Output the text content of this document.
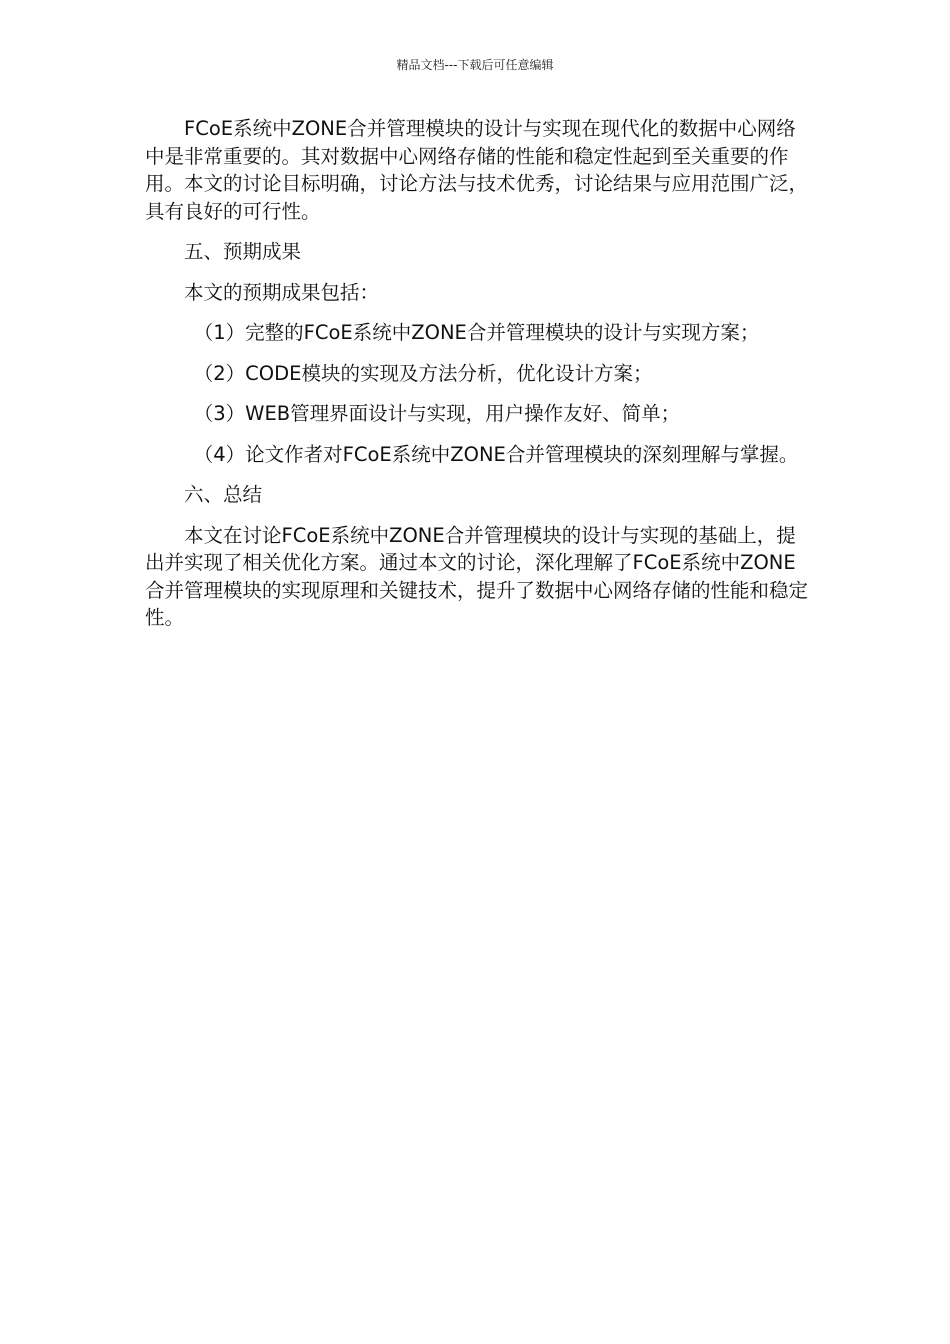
精品文档---下载后可任意编辑

FCoE系统中ZONE合并管理模块的设计与实现在现代化的数据中心网络中是非常重要的。其对数据中心网络存储的性能和稳定性起到至关重要的作用。本文的讨论目标明确，讨论方法与技术优秀，讨论结果与应用范围广泛，具有良好的可行性。

五、预期成果

本文的预期成果包括：

（1）完整的FCoE系统中ZONE合并管理模块的设计与实现方案；

（2）CODE模块的实现及方法分析，优化设计方案；

（3）WEB管理界面设计与实现，用户操作友好、简单；

（4）论文作者对FCoE系统中ZONE合并管理模块的深刻理解与掌握。

六、总结

本文在讨论FCoE系统中ZONE合并管理模块的设计与实现的基础上，提出并实现了相关优化方案。通过本文的讨论，深化理解了FCoE系统中ZONE合并管理模块的实现原理和关键技术，提升了数据中心网络存储的性能和稳定性。
